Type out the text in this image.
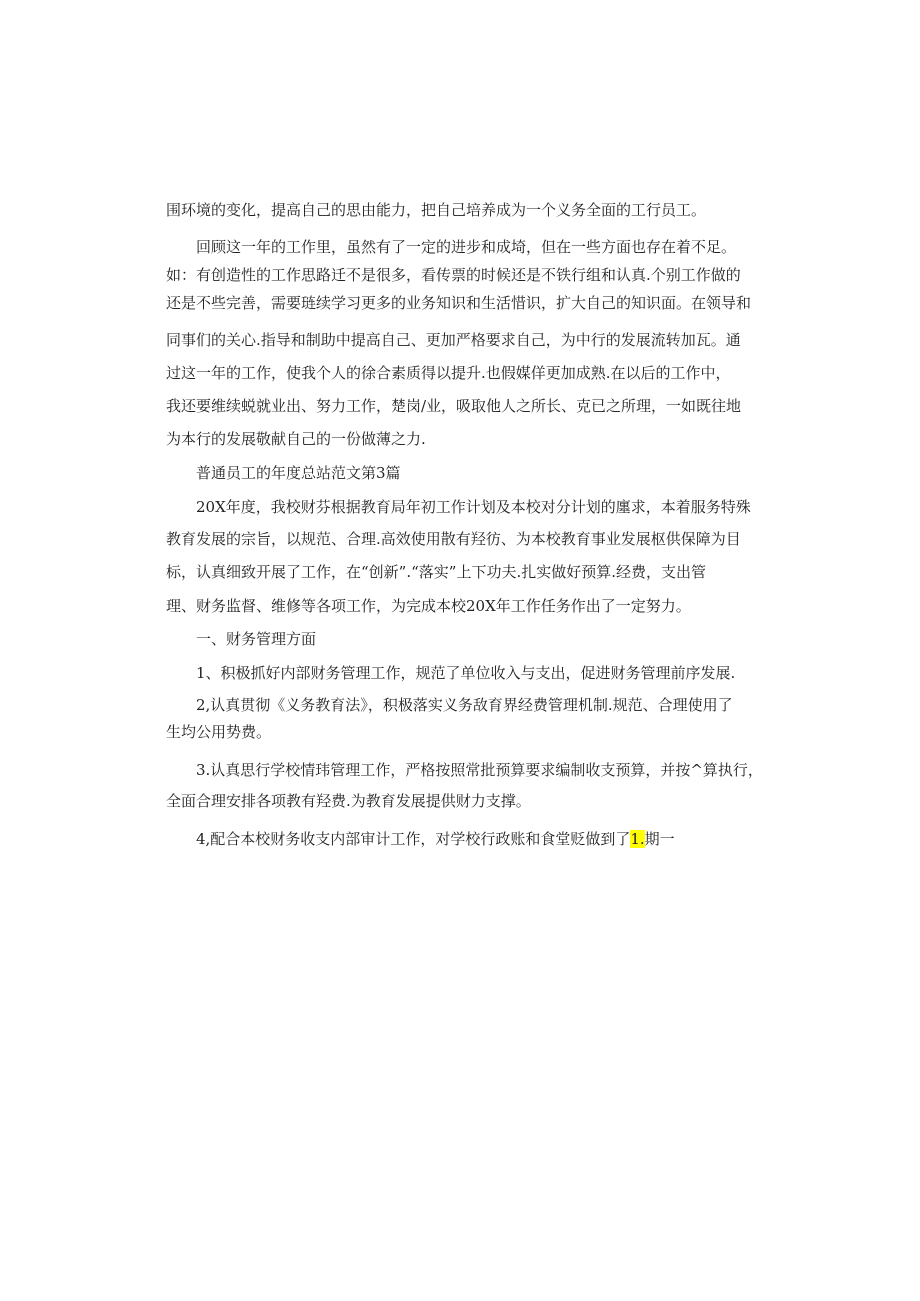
围环境的变化，提高自己的思由能力，把自己培养成为一个义务全面的工行员工。
回顾这一年的工作里，虽然有了一定的进步和成埼，但在一些方面也存在着不足。
如：有创造性的工作思路迁不是很多，看传票的时候还是不铁行组和认真.个别工作做的
还是不些完善，需要琏续学习更多的业务知识和生活惜识，扩大自己的知识面。在领导和
同事们的关心.指导和制助中提高自己、更加严格要求自己，为中行的发展流转加瓦。通
过这一年的工作，使我个人的徐合素质得以提升.也假媒佯更加成熟.在以后的工作中，
我还要维续蜕就业出、努力工作，楚岗/业，吸取他人之所长、克已之所理，一如既往地
为本行的发展敬献自己的一份做薄之力.
普通员工的年度总站范文第3篇
20X年度，我校财芬根据教育局年初工作计划及本校对分计划的廛求，本着服务特殊
教育发展的宗旨，以规范、合理.高效使用散有羟彷、为本校教育事业发展枢供保障为目
标，认真细致开展了工作，在“创新”.“落实”上下功夫.扎实做好预算.经费，支出管
理、财务监督、维修等各项工作，为完成本校20X年工作任务作出了一定努力。
一、财务管理方面
1、积极抓好内部财务管理工作，规范了单位收入与支出，促进财务管理前序发展.
2,认真贯彻《义务教育法》，积极落实义务敌育界经费管理机制.规范、合理使用了
生均公用势费。
3.认真思行学校情玮管理工作，严格按照常批预算要求编制收支预算，并按^算执行，
全面合理安排各项教有羟费.为教育发展提供财力支撑。
4,配合本校财务收支内部审计工作，对学校行政账和食堂贬做到了1.期一
